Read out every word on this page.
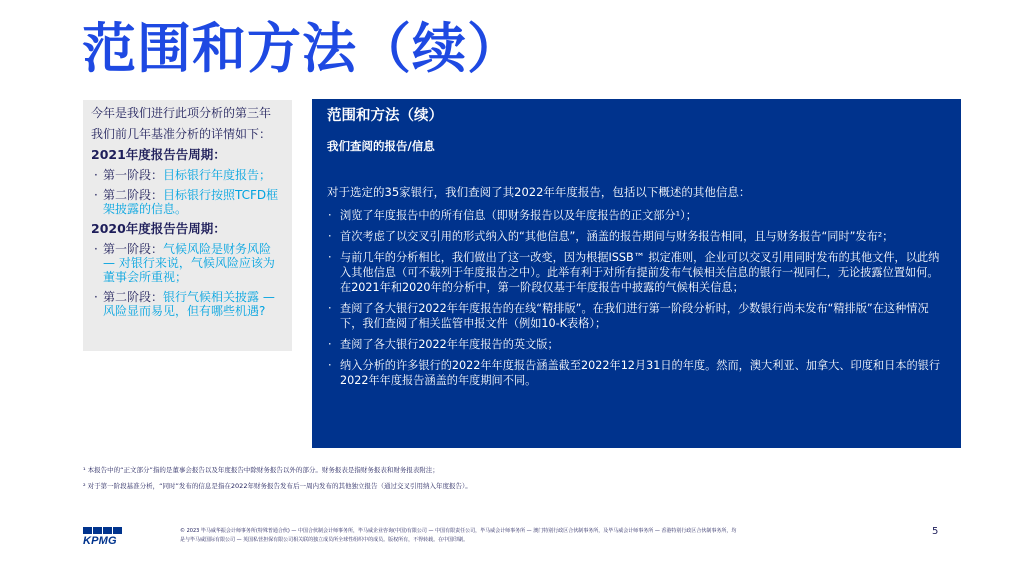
范围和方法（续）

今年是我们进行此项分析的第三年

我们前几年基准分析的详情如下：

2021年度报告告周期：
· 第一阶段：目标银行年度报告；
· 第二阶段：目标银行按照TCFD框架披露的信息。
2020年度报告告周期：
· 第一阶段：气候风险是财务风险 — 对银行来说，气候风险应该为董事会所重视；
· 第二阶段：银行气候相关披露 —风险显而易见，但有哪些机遇?
范围和方法（续）
我们查阅的报告/信息
对于选定的35家银行，我们查阅了其2022年年度报告，包括以下概述的其他信息：
· 浏览了年度报告中的所有信息（即财务报告以及年度报告的正文部分¹）；
· 首次考虑了以交叉引用的形式纳入的“其他信息”，涵盖的报告期间与财务报告相同，且与财务报告“同时”发布²；
· 与前几年的分析相比，我们做出了这一改变，因为根据ISSB™ 拟定准则，企业可以交叉引用同时发布的其他文件，以此纳入其他信息（可不载列于年度报告之中）。此举有利于对所有提前发布气候相关信息的银行一视同仁，无论披露位置如何。在2021年和2020年的分析中，第一阶段仅基于年度报告中披露的气候相关信息；
· 查阅了各大银行2022年年度报告的在线“精排版”。在我们进行第一阶段分析时，少数银行尚未发布“精排版”在这种情况下，我们查阅了相关监管申报文件（例如10-K表格）；
· 查阅了各大银行2022年年度报告的英文版；
· 纳入分析的许多银行的2022年年度报告涵盖截至2022年12月31日的年度。然而，澳大利亚、加拿大、印度和日本的银行2022年年度报告涵盖的年度期间不同。
¹ 本报告中的“正文部分”指的是董事会报告以及年度报告中除财务报告以外的部分。财务报表是指财务报表和财务报表附注；
² 对于第一阶段基准分析，“同时”发布的信息是指在2022年财务报告发布后一周内发布的其他独立报告（通过交叉引用纳入年度报告）。
KPMG
© 2023 毕马威华振会计师事务所(特殊普通合伙) — 中国合伙制会计师事务所，毕马威企业咨询(中国)有限公司 — 中国有限责任公司，毕马威会计师事务所 — 澳门特别行政区合伙制事务所，及毕马威会计师事务所 — 香港特别行政区合伙制事务所，均是与毕马威国际有限公司 — 英国私营担保有限公司相关联的独立成员所全球性组织中的成员。版权所有，不得转载。在中国印刷。
5
